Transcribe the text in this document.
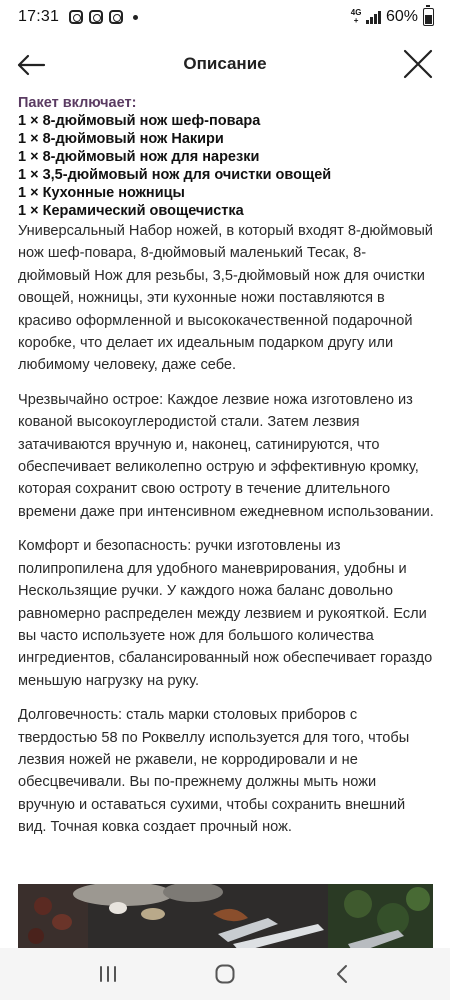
17:31	4G
+ 60%
Описание
Пакет включает:
1 × 8-дюймовый нож шеф-повара
1 × 8-дюймовый нож Накири
1 × 8-дюймовый нож для нарезки
1 × 3,5-дюймовый нож для очистки овощей
1 × Кухонные ножницы
1 × Керамический овощечистка

Универсальный Набор ножей, в который входят 8-дюймовый нож шеф-повара, 8-дюймовый маленький Тесак, 8-дюймовый Нож для резьбы, 3,5-дюймовый нож для очистки овощей, ножницы, эти кухонные ножи поставляются в красиво оформленной и высококачественной подарочной коробке, что делает их идеальным подарком другу или любимому человеку, даже себе.

Чрезвычайно острое: Каждое лезвие ножа изготовлено из кованой высокоуглеродистой стали. Затем лезвия затачиваются вручную и, наконец, сатинируются, что обеспечивает великолепно острую и эффективную кромку, которая сохранит свою остроту в течение длительного времени даже при интенсивном ежедневном использовании.

Комфорт и безопасность: ручки изготовлены из полипропилена для удобного маневрирования, удобны и Нескользящие ручки. У каждого ножа баланс довольно равномерно распределен между лезвием и рукояткой. Если вы часто используете нож для большого количества ингредиентов, сбалансированный нож обеспечивает гораздо меньшую нагрузку на руку.

Долговечность: сталь марки столовых приборов с твердостью 58 по Роквеллу используется для того, чтобы лезвия ножей не ржавели, не корродировали и не обесцвечивали. Вы по-прежнему должны мыть ножи вручную и оставаться сухими, чтобы сохранить внешний вид. Точная ковка создает прочный нож.
